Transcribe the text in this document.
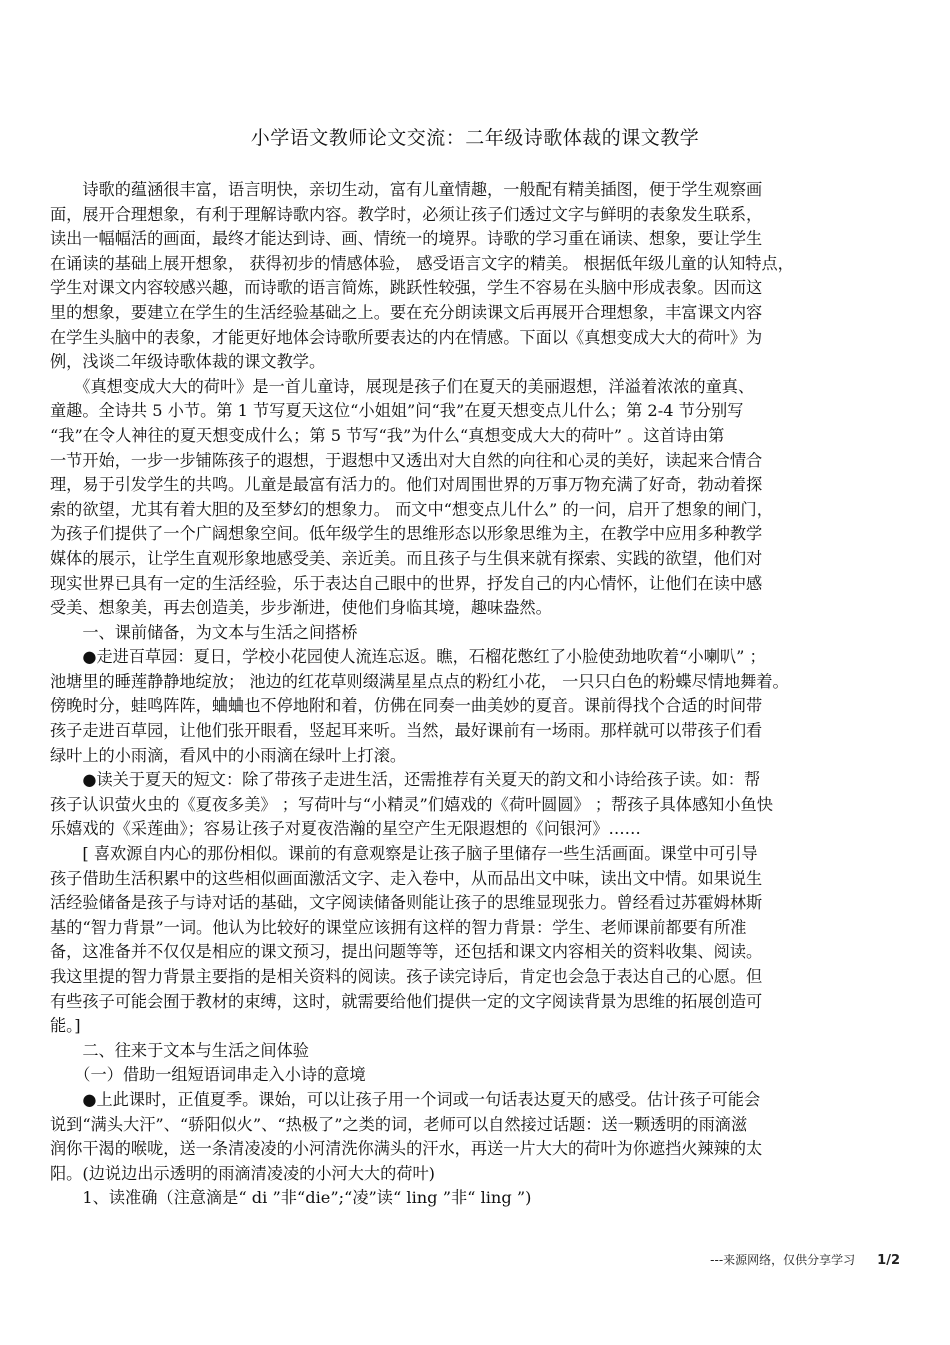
小学语文教师论文交流：二年级诗歌体裁的课文教学
　　诗歌的蕴涵很丰富，语言明快，亲切生动，富有儿童情趣，一般配有精美插图，便于学生观察画
面，展开合理想象，有利于理解诗歌内容。教学时，必须让孩子们透过文字与鲜明的表象发生联系，
读出一幅幅活的画面，最终才能达到诗、画、情统一的境界。诗歌的学习重在诵读、想象，要让学生
在诵读的基础上展开想象， 获得初步的情感体验， 感受语言文字的精美。 根据低年级儿童的认知特点，
学生对课文内容较感兴趣，而诗歌的语言简炼，跳跃性较强，学生不容易在头脑中形成表象。因而这
里的想象，要建立在学生的生活经验基础之上。要在充分朗读课文后再展开合理想象，丰富课文内容
在学生头脑中的表象，才能更好地体会诗歌所要表达的内在情感。下面以《真想变成大大的荷叶》为
例，浅谈二年级诗歌体裁的课文教学。
　　《真想变成大大的荷叶》是一首儿童诗，展现是孩子们在夏天的美丽遐想，洋溢着浓浓的童真、
童趣。全诗共 5 小节。第 1 节写夏天这位“小姐姐”问“我”在夏天想变点儿什么；第 2-4 节分别写
“我”在令人神往的夏天想变成什么；第 5 节写“我”为什么“真想变成大大的荷叶” 。这首诗由第
一节开始，一步一步铺陈孩子的遐想，于遐想中又透出对大自然的向往和心灵的美好，读起来合情合
理，易于引发学生的共鸣。儿童是最富有活力的。他们对周围世界的万事万物充满了好奇，勃动着探
索的欲望，尤其有着大胆的及至梦幻的想象力。 而文中“想变点儿什么” 的一问，启开了想象的闸门，
为孩子们提供了一个广阔想象空间。低年级学生的思维形态以形象思维为主，在教学中应用多种教学
媒体的展示，让学生直观形象地感受美、亲近美。而且孩子与生俱来就有探索、实践的欲望，他们对
现实世界已具有一定的生活经验，乐于表达自己眼中的世界，抒发自己的内心情怀，让他们在读中感
受美、想象美，再去创造美，步步渐进，使他们身临其境，趣味盎然。
　　一、课前储备，为文本与生活之间搭桥
　　●走进百草园：夏日，学校小花园使人流连忘返。瞧，石榴花憋红了小脸使劲地吹着“小喇叭” ；
池塘里的睡莲静静地绽放； 池边的红花草则缀满星星点点的粉红小花， 一只只白色的粉蝶尽情地舞着。
傍晚时分，蛙鸣阵阵，蛐蛐也不停地附和着，仿佛在同奏一曲美妙的夏音。课前得找个合适的时间带
孩子走进百草园，让他们张开眼看，竖起耳来听。当然，最好课前有一场雨。那样就可以带孩子们看
绿叶上的小雨滴，看风中的小雨滴在绿叶上打滚。
　　●读关于夏天的短文：除了带孩子走进生活，还需推荐有关夏天的韵文和小诗给孩子读。如：帮
孩子认识萤火虫的《夏夜多美》 ；写荷叶与“小精灵”们嬉戏的《荷叶圆圆》 ；帮孩子具体感知小鱼快
乐嬉戏的《采莲曲》；容易让孩子对夏夜浩瀚的星空产生无限遐想的《问银河》……
　　[ 喜欢源自内心的那份相似。课前的有意观察是让孩子脑子里储存一些生活画面。课堂中可引导
孩子借助生活积累中的这些相似画面激活文字、走入卷中，从而品出文中味，读出文中情。如果说生
活经验储备是孩子与诗对话的基础，文字阅读储备则能让孩子的思维显现张力。曾经看过苏霍姆林斯
基的“智力背景”一词。他认为比较好的课堂应该拥有这样的智力背景：学生、老师课前都要有所准
备，这准备并不仅仅是相应的课文预习，提出问题等等，还包括和课文内容相关的资料收集、阅读。
我这里提的智力背景主要指的是相关资料的阅读。孩子读完诗后，肯定也会急于表达自己的心愿。但
有些孩子可能会囿于教材的束缚，这时，就需要给他们提供一定的文字阅读背景为思维的拓展创造可
能。]
　　二、往来于文本与生活之间体验
　　（一）借助一组短语词串走入小诗的意境
　　●上此课时，正值夏季。课始，可以让孩子用一个词或一句话表达夏天的感受。估计孩子可能会
说到“满头大汗”、“骄阳似火”、“热极了”之类的词，老师可以自然接过话题：送一颗透明的雨滴滋
润你干渴的喉咙，送一条清凌凌的小河清洗你满头的汗水，再送一片大大的荷叶为你遮挡火辣辣的太
阳。(边说边出示透明的雨滴清凌凌的小河大大的荷叶)
　　1、读准确（注意滴是“ di ”非“die”;“凌”读“ ling ”非“ ling ”)
---来源网络，仅供分享学习 1/2
